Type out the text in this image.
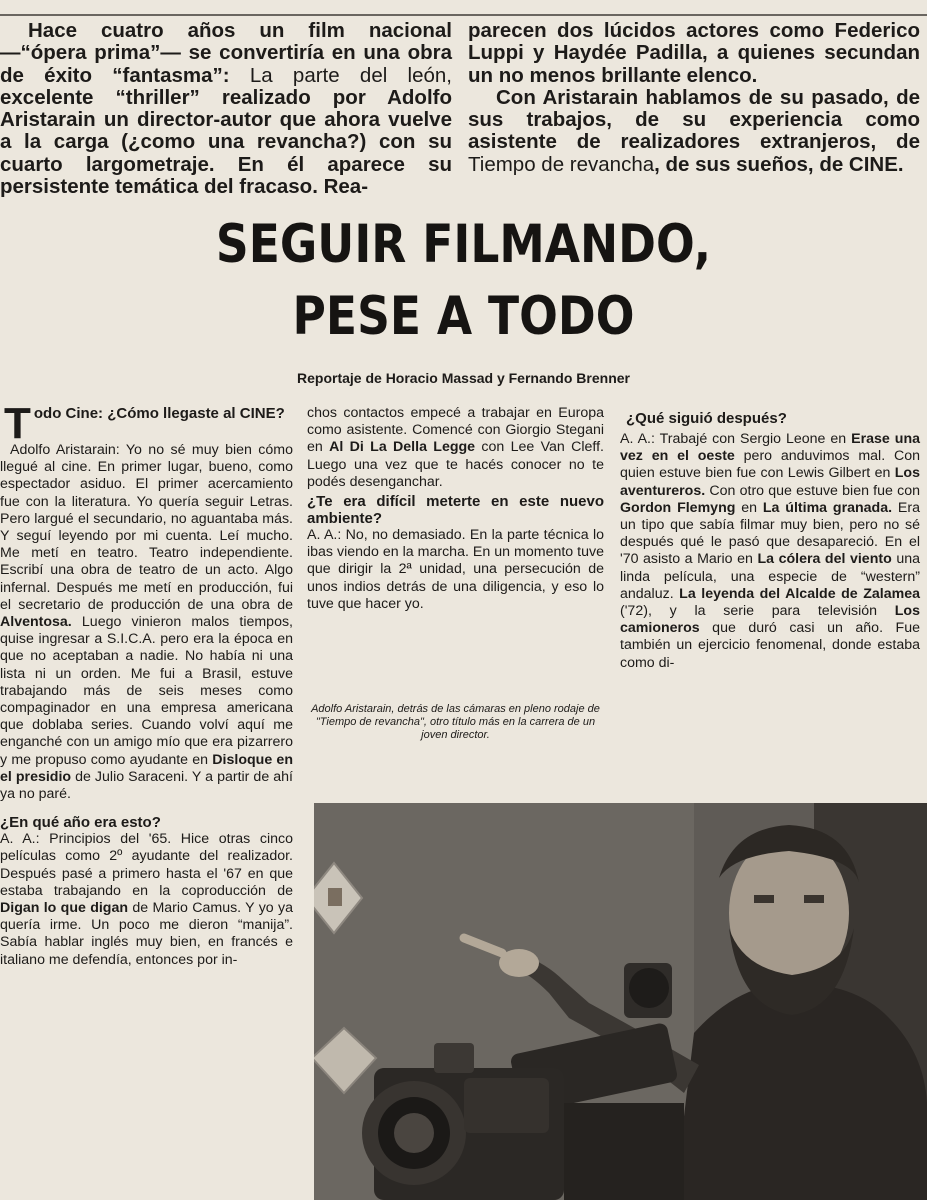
Hace cuatro años un film nacional —“ópera prima”— se convertiría en una obra de éxito “fantasma”: La parte del león, excelente “thriller” realizado por Adolfo Aristarain un director-autor que ahora vuelve a la carga (¿como una revancha?) con su cuarto largometraje. En él aparece su persistente temática del fracaso. Rea-

parecen dos lúcidos actores como Federico Luppi y Haydée Padilla, a quienes secundan un no menos brillante elenco.

Con Aristarain hablamos de su pasado, de sus trabajos, de su experiencia como asistente de realizadores extranjeros, de Tiempo de revancha, de sus sueños, de CINE.

SEGUIR FILMANDO,
PESE A TODO
Reportaje de Horacio Massad y Fernando Brenner

Todo Cine: ¿Cómo llegaste al CINE?

Adolfo Aristarain: Yo no sé muy bien cómo llegué al cine. En primer lugar, bueno, como espectador asiduo. El primer acercamiento fue con la literatura. Yo quería seguir Letras. Pero largué el secundario, no aguantaba más. Y seguí leyendo por mi cuenta. Leí mucho. Me metí en teatro. Teatro independiente. Escribí una obra de teatro de un acto. Algo infernal. Después me metí en producción, fui el secretario de producción de una obra de Alventosa. Luego vinieron malos tiempos, quise ingresar a S.I.C.A. pero era la época en que no aceptaban a nadie. No había ni una lista ni un orden. Me fui a Brasil, estuve trabajando más de seis meses como compaginador en una empresa americana que doblaba series. Cuando volví aquí me enganché con un amigo mío que era pizarrero y me propuso como ayudante en Disloque en el presidio de Julio Saraceni. Y a partir de ahí ya no paré.

¿En qué año era esto?

A. A.: Principios del '65. Hice otras cinco películas como 2º ayudante del realizador. Después pasé a primero hasta el '67 en que estaba trabajando en la coproducción de Digan lo que digan de Mario Camus. Y yo ya quería irme. Un poco me dieron “manija”. Sabía hablar inglés muy bien, en francés e italiano me defendía, entonces por in-

chos contactos empecé a trabajar en Europa como asistente. Comencé con Giorgio Stegani en Al Di La Della Legge con Lee Van Cleff. Luego una vez que te hacés conocer no te podés desenganchar.

¿Te era difícil meterte en este nuevo ambiente?

A. A.: No, no demasiado. En la parte técnica lo ibas viendo en la marcha. En un momento tuve que dirigir la 2ª unidad, una persecución de unos indios detrás de una diligencia, y eso lo tuve que hacer yo.

Adolfo Aristarain, detrás de las cámaras en pleno rodaje de "Tiempo de revancha", otro título más en la carrera de un joven director.

¿Qué siguió después?

A. A.: Trabajé con Sergio Leone en Erase una vez en el oeste pero anduvimos mal. Con quien estuve bien fue con Lewis Gilbert en Los aventureros. Con otro que estuve bien fue con Gordon Flemyng en La última granada. Era un tipo que sabía filmar muy bien, pero no sé después qué le pasó que desapareció. En el '70 asisto a Mario en La cólera del viento una linda película, una especie de “western” andaluz. La leyenda del Alcalde de Zalamea ('72), y la serie para televisión Los camioneros que duró casi un año. Fue también un ejercicio fenomenal, donde estaba como di-
